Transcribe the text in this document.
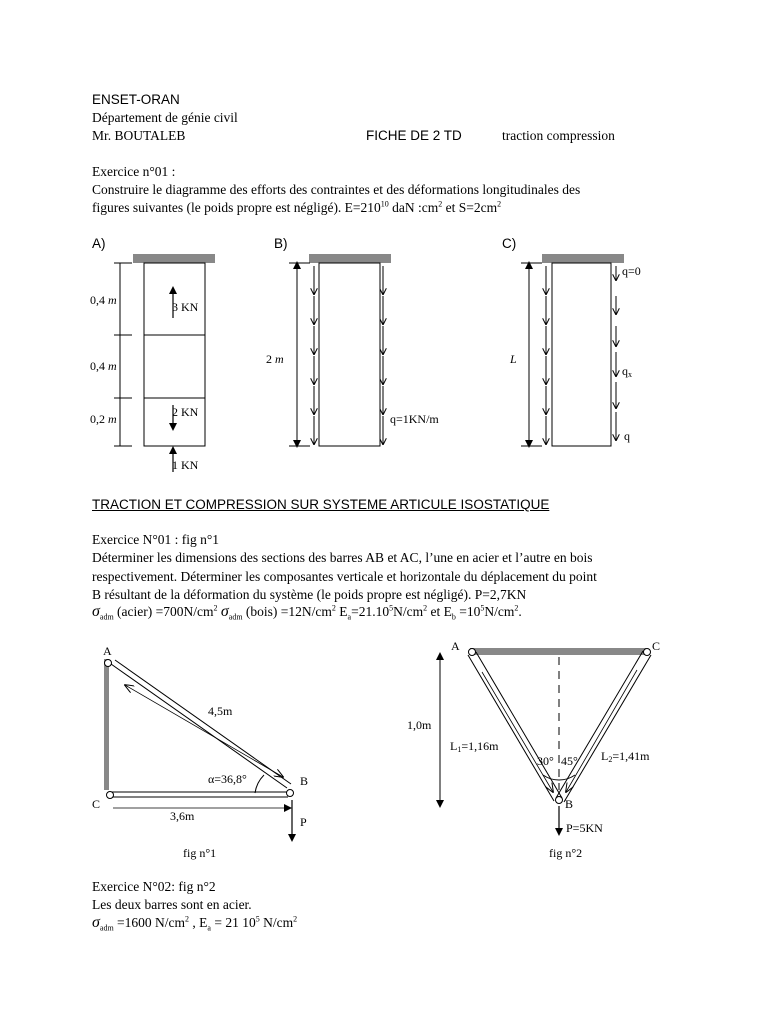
ENSET-ORAN
Département de génie civil
Mr. BOUTALEB	FICHE DE 2 TD	traction compression
Exercice n°01 :
Construire le diagramme des efforts des contraintes et des déformations longitudinales des
figures suivantes (le poids propre est négligé). $E=210^{10}$ daN $:cm^2$ et $S=2cm^2$
A)	B)	C)
3 KN
2 KN
1 KN
0,4 m
0,4 m
0,2 m
2 m
q=1KN/m
L
q=0
qx
q
TRACTION ET COMPRESSION SUR SYSTEME ARTICULE ISOSTATIQUE
Exercice N°01 : fig n°1
Déterminer les dimensions des sections des barres AB et AC, l’une en acier et l’autre en bois
respectivement. Déterminer les composantes verticale et horizontale du déplacement du point
B résultant de la déformation du système (le poids propre est négligé). P=2,7KN
$\sigma_{adm}$ (acier) $=700N/cm^2$ $\sigma_{adm}$ (bois) $=12N/cm^2$ $E_a=21.10^5N/cm^2$ et $E_b =10^5N/cm^2$.
A
C
B
P
4,5m
3,6m
α=36,8°
fig n°1
A	C
B
1,0m
L1=1,16m
L2=1,41m
30° 45°
P=5KN
fig n°2
Exercice N°02: fig n°2
Les deux barres sont en acier.
$\sigma_{adm} =1600$ $N/cm^2$ , $E_a = 21$ $10^5$ $N/cm^2$
